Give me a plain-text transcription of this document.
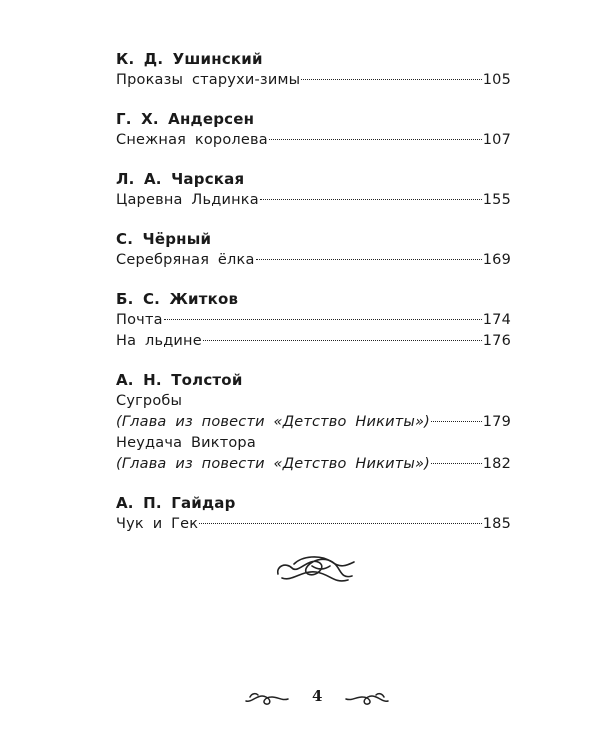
К. Д. Ушинский
Проказы старухи-зимы	105
Г. Х. Андерсен
Снежная королева	107
Л. А. Чарская
Царевна Льдинка	155
С. Чёрный
Серебряная ёлка	169
Б. С. Житков
Почта	174
На льдине	176
А. Н. Толстой
Сугробы
(Глава из повести «Детство Никиты»)	179
Неудача Виктора
(Глава из повести «Детство Никиты»)	182
А. П. Гайдар
Чук и Гек	185
4
